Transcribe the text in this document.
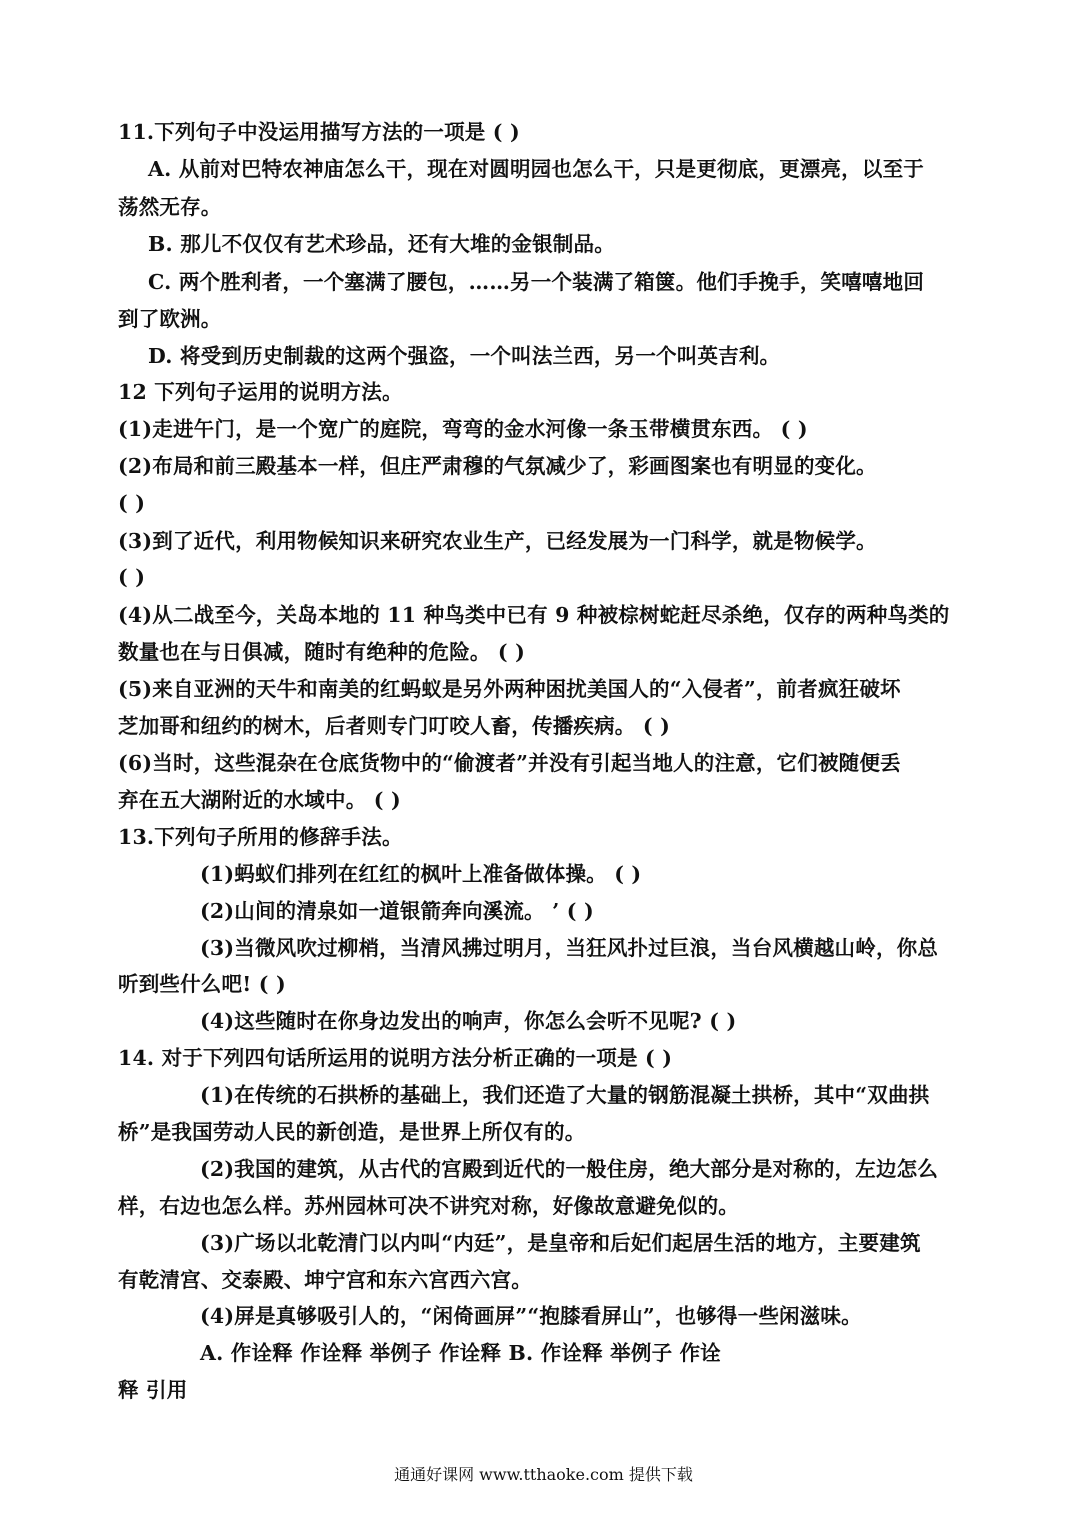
11.下列句子中没运用描写方法的一项是 ( )
A. 从前对巴特农神庙怎么干，现在对圆明园也怎么干，只是更彻底，更漂亮，以至于
荡然无存。
B. 那儿不仅仅有艺术珍品，还有大堆的金银制品。
C. 两个胜利者，一个塞满了腰包，……另一个装满了箱箧。他们手挽手，笑嘻嘻地回
到了欧洲。
D. 将受到历史制裁的这两个强盗，一个叫法兰西，另一个叫英吉利。
12 下列句子运用的说明方法。
(1)走进午门，是一个宽广的庭院，弯弯的金水河像一条玉带横贯东西。 ( )
(2)布局和前三殿基本一样，但庄严肃穆的气氛减少了，彩画图案也有明显的变化。
( )
(3)到了近代，利用物候知识来研究农业生产，已经发展为一门科学，就是物候学。
( )
(4)从二战至今，关岛本地的 11 种鸟类中已有 9 种被棕树蛇赶尽杀绝，仅存的两种鸟类的
数量也在与日俱减，随时有绝种的危险。 ( )
(5)来自亚洲的天牛和南美的红蚂蚁是另外两种困扰美国人的“入侵者”，前者疯狂破坏
芝加哥和纽约的树木，后者则专门叮咬人畜，传播疾病。 ( )
(6)当时，这些混杂在仓底货物中的“偷渡者”并没有引起当地人的注意，它们被随便丢
弃在五大湖附近的水域中。 ( )
13.下列句子所用的修辞手法。
(1)蚂蚁们排列在红红的枫叶上准备做体操。 ( )
(2)山间的清泉如一道银箭奔向溪流。 ’ ( )
(3)当微风吹过柳梢，当清风拂过明月，当狂风扑过巨浪，当台风横越山岭，你总
听到些什么吧! ( )
(4)这些随时在你身边发出的响声，你怎么会听不见呢? ( )
14. 对于下列四句话所运用的说明方法分析正确的一项是 ( )
(1)在传统的石拱桥的基础上，我们还造了大量的钢筋混凝土拱桥，其中“双曲拱
桥”是我国劳动人民的新创造，是世界上所仅有的。
(2)我国的建筑，从古代的宫殿到近代的一般住房，绝大部分是对称的，左边怎么
样，右边也怎么样。苏州园林可决不讲究对称，好像故意避免似的。
(3)广场以北乾清门以内叫“内廷”，是皇帝和后妃们起居生活的地方，主要建筑
有乾清宫、交泰殿、坤宁宫和东六宫西六宫。
(4)屏是真够吸引人的，“闲倚画屏”“抱膝看屏山”，也够得一些闲滋味。
A. 作诠释 作诠释 举例子 作诠释 B. 作诠释 举例子 作诠
释 引用
通通好课网 www.tthaoke.com 提供下载
